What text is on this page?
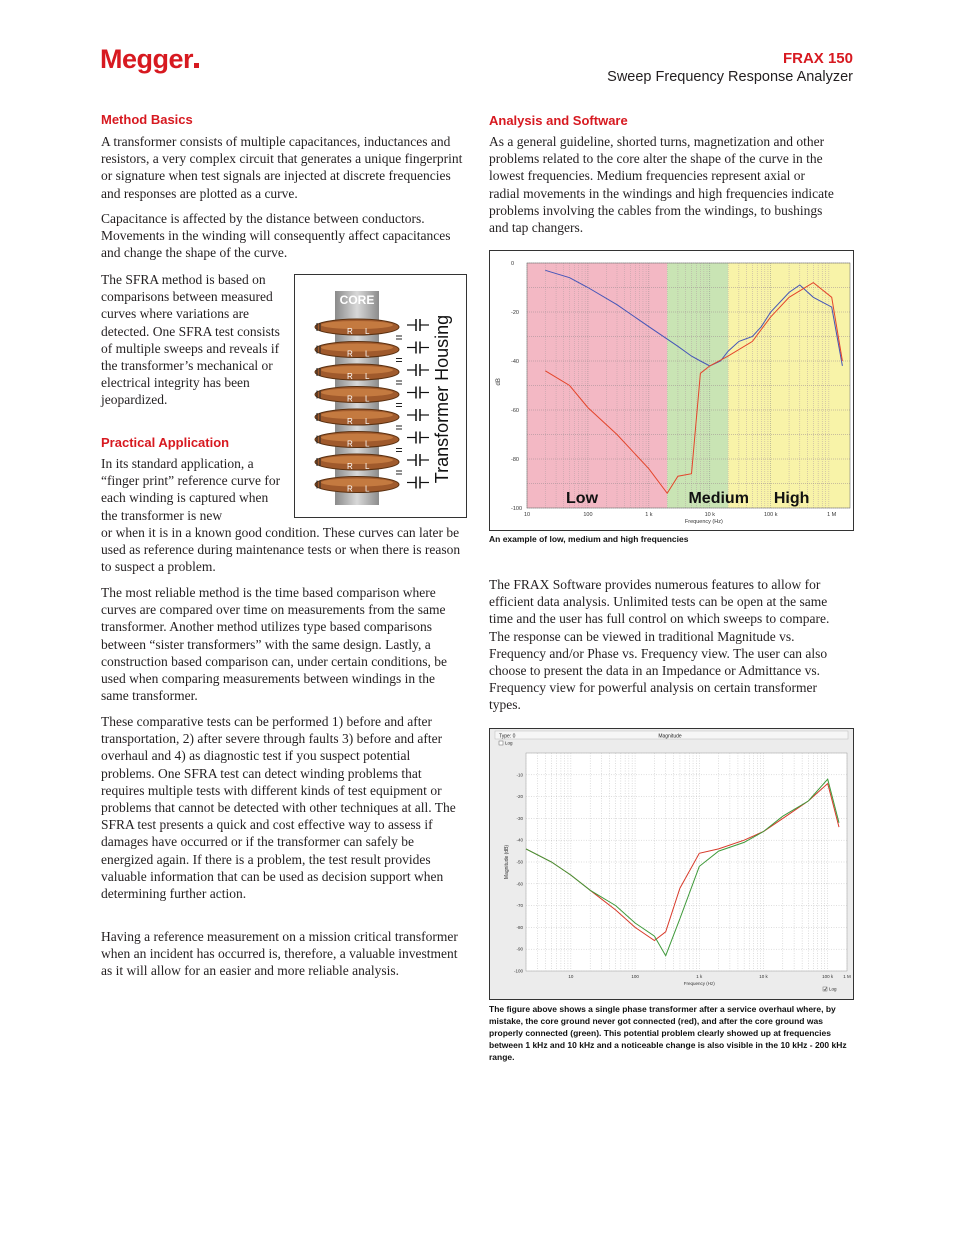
Megger	FRAX 150
Sweep Frequency Response Analyzer
Method Basics

A transformer consists of multiple capacitances, inductances and resistors, a very complex circuit that generates a unique fingerprint or signature when test signals are injected at discrete frequencies and responses are plotted as a curve.

Capacitance is affected by the distance between conductors. Movements in the winding will consequently affect capacitances and change the shape of the curve.

The SFRA method is based on comparisons between measured curves where variations are detected. One SFRA test consists of multiple sweeps and reveals if the transformer’s mechanical or electrical integrity has been jeopardized.

Practical Application

In its standard application, a “finger print” reference curve for each winding is captured when the transformer is new

or when it is in a known good condition. These curves can later be used as reference during maintenance tests or when there is reason to suspect a problem.

The most reliable method is the time based comparison where curves are compared over time on measurements from the same transformer. Another method utilizes type based comparisons between “sister transformers” with the same design. Lastly, a construction based comparison can, under certain conditions, be used when comparing measurements between windings in the same transformer.

These comparative tests can be performed 1) before and after transportation, 2) after severe through faults 3) before and after overhaul and 4) as diagnostic test if you suspect potential problems. One SFRA test can detect winding problems that requires multiple tests with different kinds of test equipment or problems that cannot be detected with other techniques at all. The SFRA test presents a quick and cost effective way to assess if damages have occurred or if the transformer can safely be energized again. If there is a problem, the test result provides valuable information that can be used as decision support when determining further action.

Having a reference measurement on a mission critical transformer when an incident has occurred is, therefore, a valuable investment as it will allow for an easier and more reliable analysis.

CORE
R L
R L
R L
R L
R L
R L
R L
R L
Transformer Housing
Analysis and Software

As a general guideline, shorted turns, magnetization and other problems related to the core alter the shape of the curve in the lowest frequencies. Medium frequencies represent axial or radial movements in the windings and high frequencies indicate problems involving the cables from the windings, to bushings and tap changers.

0
-20
-40
-60
-80
-100
10	100	1 k	10 k	100 k	1 M
dB
Frequency (Hz)
Low	Medium High
An example of low, medium and high frequencies

The FRAX Software provides numerous features to allow for efficient data analysis. Unlimited tests can be open at the same time and the user has full control on which sweeps to compare. The response can be viewed in traditional Magnitude vs. Frequency and/or Phase vs. Frequency view. The user can also choose to present the data in an Impedance or Admittance vs. Frequency view for powerful analysis on certain transformer types.

Type: 0	Magnitude
Log
-10
-20
-30
-40
-50
-60
-70
-80
-90
-100
10	100	1 k	10 k	100 k 1 M
Magnitude (dB)
Frequency (Hz)
Log
The figure above shows a single phase transformer after a service overhaul where, by mistake, the core ground never got connected (red), and after the core ground was properly connected (green). This potential problem clearly showed up at frequencies between 1 kHz and 10 kHz and a noticeable change is also visible in the 10 kHz - 200 kHz range.
